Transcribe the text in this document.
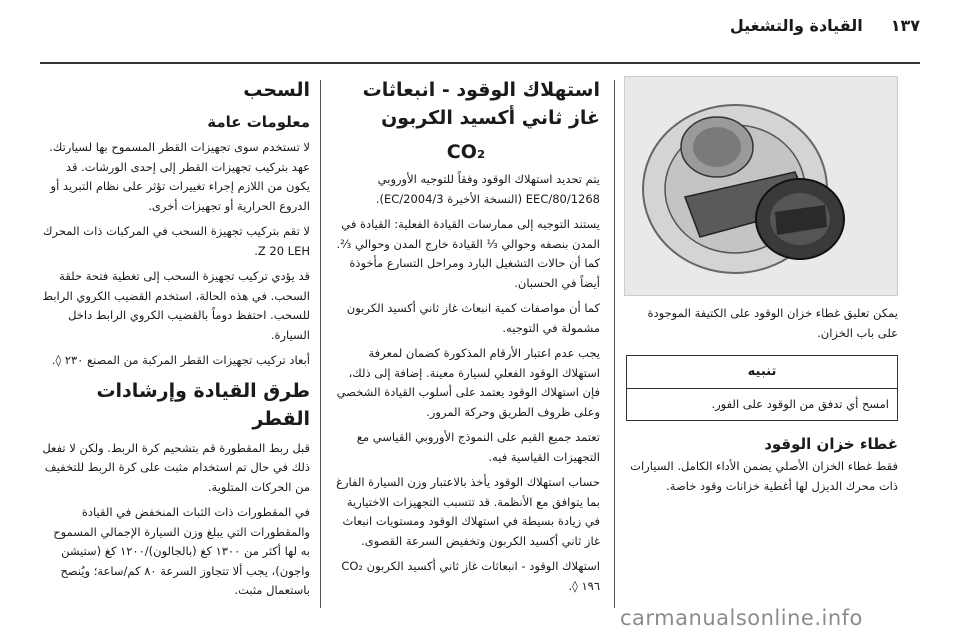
١٣٧
القيادة والتشغيل

يمكن تعليق غطاء خزان الوقود على الكتيفة الموجودة على باب الخزان.

تنبيه
امسح أي تدفق من الوقود على الفور.
غطاء خزان الوقود

فقط غطاء الخزان الأصلي يضمن الأداء الكامل. السيارات ذات محرك الديزل لها أغطية خزانات وقود خاصة.

استهلاك الوقود - انبعاثات غاز ثاني أكسيد الكربون
CO₂

يتم تحديد استهلاك الوقود وفقاً للتوجيه الأوروبي 80/1268/EEC (النسخة الأخيرة 2004/3/EC).

يستند التوجيه إلى ممارسات القيادة الفعلية: القيادة في المدن بنصفه وحوالي ⅓ القيادة خارج المدن وحوالي ⅔. كما أن حالات التشغيل البارد ومراحل التسارع مأخوذة أيضاً في الحسبان.

كما أن مواصفات كمية انبعاث غاز ثاني أكسيد الكربون مشمولة في التوجيه.

يجب عدم اعتبار الأرقام المذكورة كضمان لمعرفة استهلاك الوقود الفعلي لسيارة معينة. إضافة إلى ذلك، فإن استهلاك الوقود يعتمد على أسلوب القيادة الشخصي وعلى ظروف الطريق وحركة المرور.

تعتمد جميع القيم على النموذج الأوروبي القياسي مع التجهيزات القياسية فيه.

حساب استهلاك الوقود يأخذ بالاعتبار وزن السيارة الفارغ بما يتوافق مع الأنظمة. قد تتسبب التجهيزات الاختيارية في زيادة بسيطة في استهلاك الوقود ومستويات انبعاث غاز ثاني أكسيد الكربون وتخفيض السرعة القصوى.

استهلاك الوقود - انبعاثات غاز ثاني أكسيد الكربون CO₂ ١٩٦ ◊.

السحب
معلومات عامة

لا تستخدم سوى تجهيزات القطر المسموح بها لسيارتك. عهد بتركيب تجهيزات القطر إلى إحدى الورشات. قد يكون من اللازم إجراء تغييرات تؤثر على نظام التبريد أو الدروع الحرارية أو تجهيزات أخرى.

لا تقم بتركيب تجهيزة السحب في المركبات ذات المحرك Z 20 LEH.

قد يؤدي تركيب تجهيزة السحب إلى تغطية فتحة حلقة السحب. في هذه الحالة، استخدم القضيب الكروي الرابط للسحب. احتفظ دوماً بالقضيب الكروي الرابط داخل السيارة.

أبعاد تركيب تجهيزات القطر المركبة من المصنع ٢٣٠ ◊.

طرق القيادة وإرشادات القطر

قبل ربط المقطورة قم بتشحيم كرة الربط. ولكن لا تفعل ذلك في حال تم استخدام مثبت على كرة الربط للتخفيف من الحركات المتلوية.

في المقطورات ذات الثبات المنخفض في القيادة والمقطورات التي يبلغ وزن السيارة الإجمالي المسموح به لها أكثر من ١٣٠٠ كغ (بالجالون)/١٢٠٠ كغ (ستيشن واجون)، يجب ألا تتجاوز السرعة ٨٠ كم/ساعة؛ ويُنصح باستعمال مثبت.

carmanualsonline.info
